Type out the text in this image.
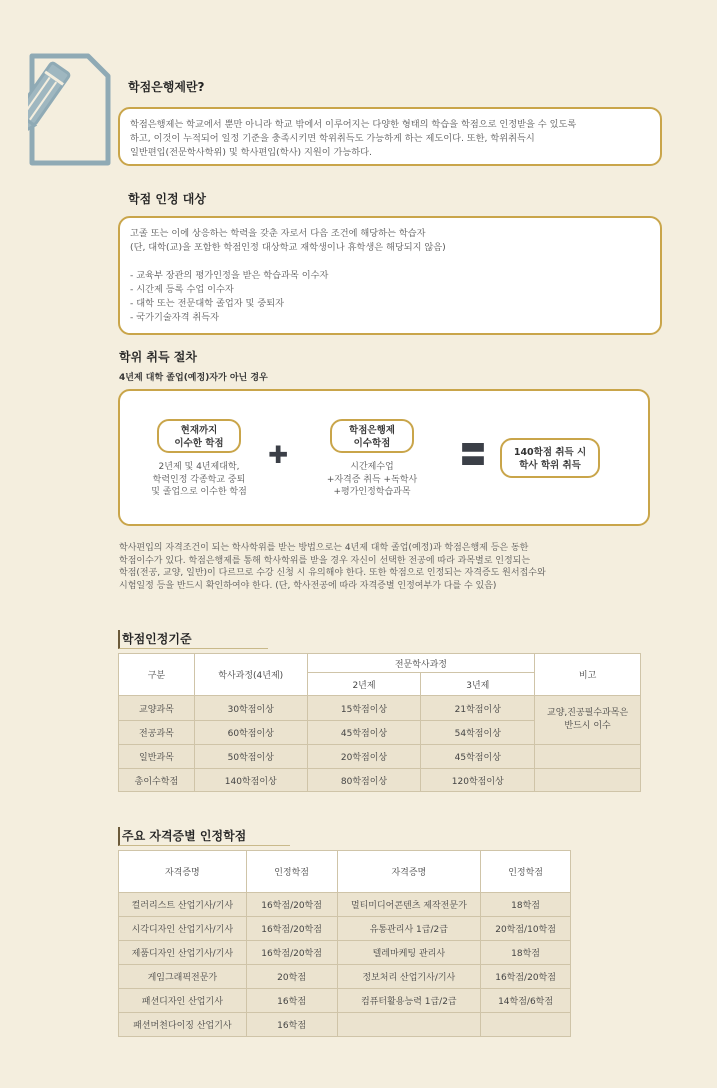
학점은행제란?
학점은행제는 학교에서 뿐만 아니라 학교 밖에서 이루어지는 다양한 형태의 학습을 학점으로 인정받을 수 있도록
하고, 이것이 누적되어 일정 기준을 충족시키면 학위취득도 가능하게 하는 제도이다. 또한, 학위취득시
일반편입(전문학사학위) 및 학사편입(학사) 지원이 가능하다.
학점 인정 대상
고졸 또는 이에 상응하는 학력을 갖춘 자로서 다음 조건에 해당하는 학습자
(단, 대학(교)을 포함한 학점인정 대상학교 재학생이나 휴학생은 해당되지 않음)
- 교육부 장관의 평가인정을 받은 학습과목 이수자
- 시간제 등록 수업 이수자
- 대학 또는 전문대학 졸업자 및 중퇴자
- 국가기술자격 취득자
학위 취득 절차
4년제 대학 졸업(예정)자가 아닌 경우
현재까지
이수한 학점
2년제 및 4년제대학,
학력인정 각종학교 중퇴
및 졸업으로 이수한 학점
✚
학점은행제
이수학점
시간제수업
+자격증 취득 +독학사
+평가인정학습과목
〓	140학점 취득 시
학사 학위 취득
학사편입의 자격조건이 되는 학사학위를 받는 방법으로는 4년제 대학 졸업(예정)과 학점은행제 등은 동한
학점이수가 있다. 학점은행제를 통해 학사학위를 받을 경우 자신이 선택한 전공에 따라 과목별로 인정되는
학점(전공, 교양, 일반)이 다르므로 수강 신청 시 유의해야 한다. 또한 학점으로 인정되는 자격증도 원서접수와
시험일정 등을 반드시 확인하여야 한다. (단, 학사전공에 따라 자격증별 인정여부가 다를 수 있음)
학점인정기준
구분	학사과정(4년제)	전문학사과정		비고
		2년제	3년제	
교양과목	30학점이상	15학점이상	21학점이상	교양,진공필수과목은
반드시 이수

전공과목	60학점이상	45학점이상	54학점이상	
일반과목	50학점이상	20학점이상	45학점이상	
총이수학점	140학점이상	80학점이상	120학점이상	
주요 자격증별 인정학점
자격증명	인정학점	자격증명	인정학점
컬러리스트 산업기사/기사	16학점/20학점	멀티미디어콘텐츠 제작전문가	18학점
시각디자인 산업기사/기사	16학점/20학점	유통관리사 1급/2급	20학점/10학점
제품디자인 산업기사/기사	16학점/20학점	텔레마케팅 관리사	18학점
게임그래픽전문가	20학점	정보처리 산업기사/기사	16학점/20학점
패션디자인 산업기사	16학점	컴퓨터활용능력 1급/2급	14학점/6학점
패션머천다이징 산업기사	16학점		
